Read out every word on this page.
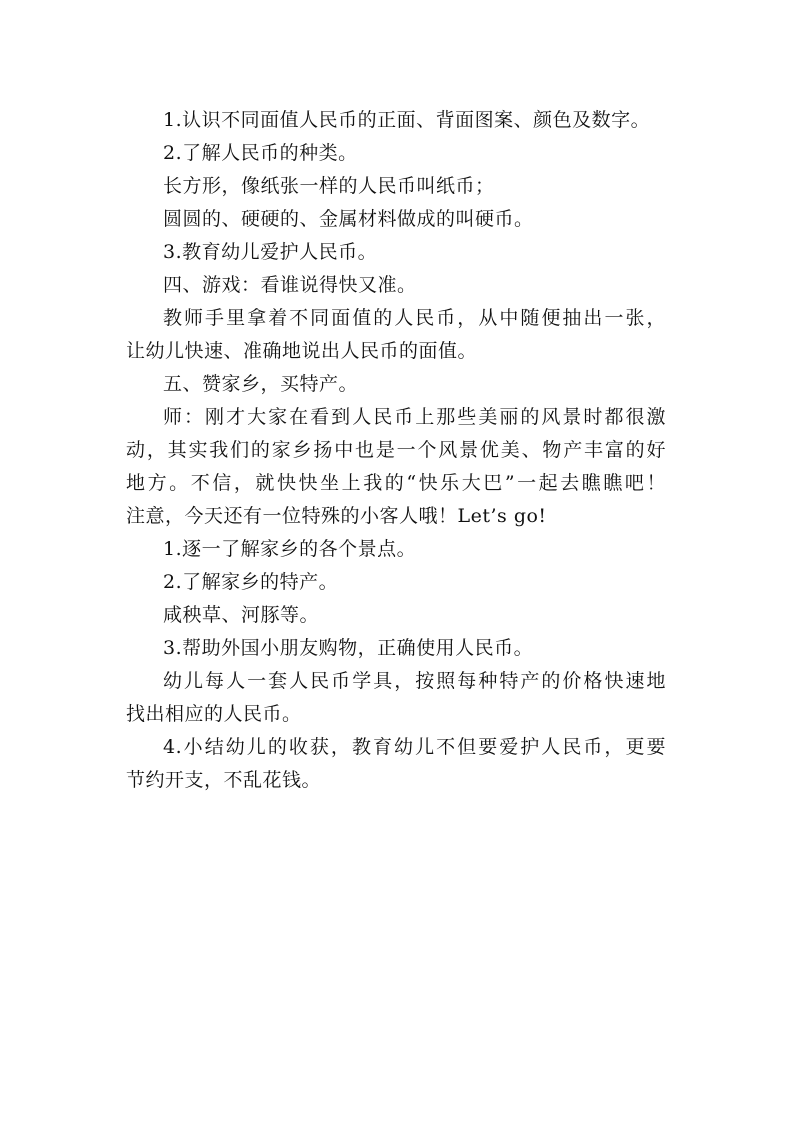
1.认识不同面值人民币的正面、背面图案、颜色及数字。
2.了解人民币的种类。
长方形，像纸张一样的人民币叫纸币；
圆圆的、硬硬的、金属材料做成的叫硬币。
3.教育幼儿爱护人民币。
四、游戏：看谁说得快又准。
教师手里拿着不同面值的人民币，从中随便抽出一张，
让幼儿快速、准确地说出人民币的面值。
五、赞家乡，买特产。
师：刚才大家在看到人民币上那些美丽的风景时都很激
动，其实我们的家乡扬中也是一个风景优美、物产丰富的好
地方。不信，就快快坐上我的“快乐大巴”一起去瞧瞧吧！
注意，今天还有一位特殊的小客人哦！Let’s go!
1.逐一了解家乡的各个景点。
2.了解家乡的特产。
咸秧草、河豚等。
3.帮助外国小朋友购物，正确使用人民币。
幼儿每人一套人民币学具，按照每种特产的价格快速地
找出相应的人民币。
4.小结幼儿的收获，教育幼儿不但要爱护人民币，更要
节约开支，不乱花钱。
